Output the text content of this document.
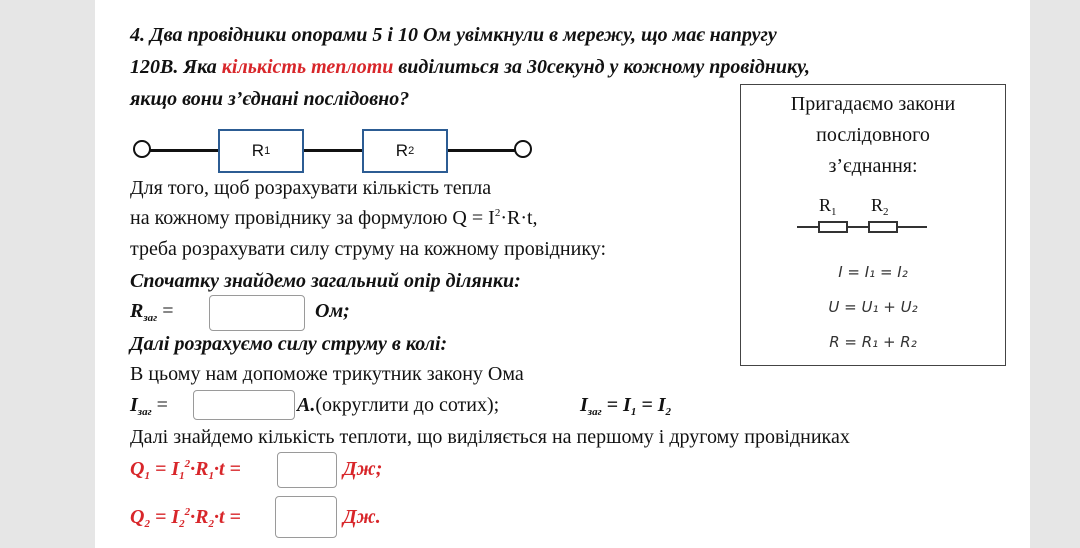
4. Два провідники опорами 5 і 10 Ом увімкнули в мережу, що має напругу
120В. Яка кількість теплоти виділиться за 30секунд у кожному провіднику,
якщо вони з’єднані послідовно?
R 1	R 2
Пригадаємо закони
послідовного
з’єднання:
$R_1$ $R_2$
I = I₁ = I₂
U = U₁ + U₂
R = R₁ + R₂
Для того, щоб розрахувати кількість тепла
на кожному провіднику за формулою $Q = I^2\cdot R\cdot t$,
треба розрахувати силу струму на кожному провіднику:
Спочатку знайдемо загальний опір ділянки:
$R_{заг}$ =	Ом;
Далі розрахуємо силу струму в колі:
В цьому нам допоможе трикутник закону Ома
$I_{заг}$ =	А.(округлити до сотих);	$I_{заг} = I_1 = I_2$
Далі знайдемо кількість теплоти, що виділяється на першому і другому провідниках
$Q_1 = I_1^2\cdot R_1\cdot t$ =	Дж;
$Q_2 = I_2^2\cdot R_2\cdot t$ =	Дж.
